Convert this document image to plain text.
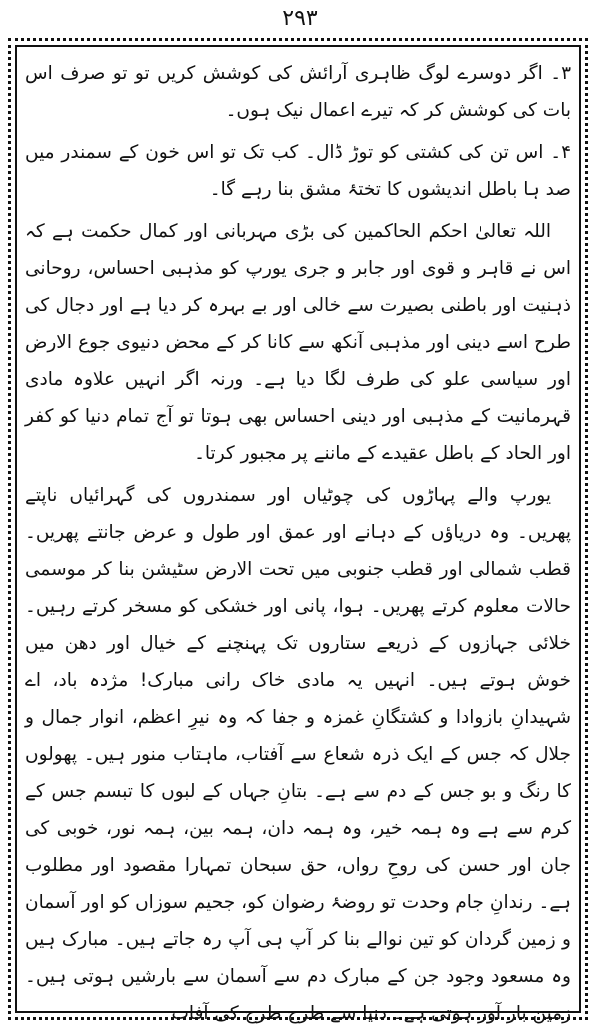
۲۹۳

۳۔ اگر دوسرے لوگ ظاہری آرائش کی کوشش کریں تو تو صرف اس بات کی کوشش کر کہ تیرے اعمال نیک ہوں۔

۴۔ اس تن کی کشتی کو توڑ ڈال۔ کب تک تو اس خون کے سمندر میں صد ہا باطل اندیشوں کا تختۂ مشق بنا رہے گا۔

اللہ تعالیٰ احکم الحاکمین کی بڑی مہربانی اور کمال حکمت ہے کہ اس نے قاہر و قوی اور جابر و جری یورپ کو مذہبی احساس، روحانی ذہنیت اور باطنی بصیرت سے خالی اور بے بہرہ کر دیا ہے اور دجال کی طرح اسے دینی اور مذہبی آنکھ سے کانا کر کے محض دنیوی جوع الارض اور سیاسی علو کی طرف لگا دیا ہے۔ ورنہ اگر انہیں علاوہ مادی قہرمانیت کے مذہبی اور دینی احساس بھی ہوتا تو آج تمام دنیا کو کفر اور الحاد کے باطل عقیدے کے ماننے پر مجبور کرتا۔

یورپ والے پہاڑوں کی چوٹیاں اور سمندروں کی گہرائیاں ناپتے پھریں۔ وہ دریاؤں کے دہانے اور عمق اور طول و عرض جانتے پھریں۔ قطب شمالی اور قطب جنوبی میں تحت الارض سٹیشن بنا کر موسمی حالات معلوم کرتے پھریں۔ ہوا، پانی اور خشکی کو مسخر کرتے رہیں۔ خلائی جہازوں کے ذریعے ستاروں تک پہنچنے کے خیال اور دھن میں خوش ہوتے ہیں۔ انہیں یہ مادی خاک رانی مبارک! مژدہ باد، اے شہیدانِ بازوادا و کشتگانِ غمزہ و جفا کہ وہ نیرِ اعظم، انوار جمال و جلال کہ جس کے ایک ذرہ شعاع سے آفتاب، ماہتاب منور ہیں۔ پھولوں کا رنگ و بو جس کے دم سے ہے۔ بتانِ جہاں کے لبوں کا تبسم جس کے کرم سے ہے وہ ہمہ خیر، وہ ہمہ دان، ہمہ بین، ہمہ نور، خوبی کی جان اور حسن کی روحِ رواں، حق سبحان تمہارا مقصود اور مطلوب ہے۔ رندانِ جام وحدت تو روضۂ رضوان کو، جحیم سوزاں کو اور آسمان و زمین گردان کو تین نوالے بنا کر آپ ہی آپ رہ جاتے ہیں۔ مبارک ہیں وہ مسعود وجود جن کے مبارک دم سے آسمان سے بارشیں ہوتی ہیں۔ زمین بار آور ہوتی ہے۔ دنیا سے طرح طرح کی آفات
